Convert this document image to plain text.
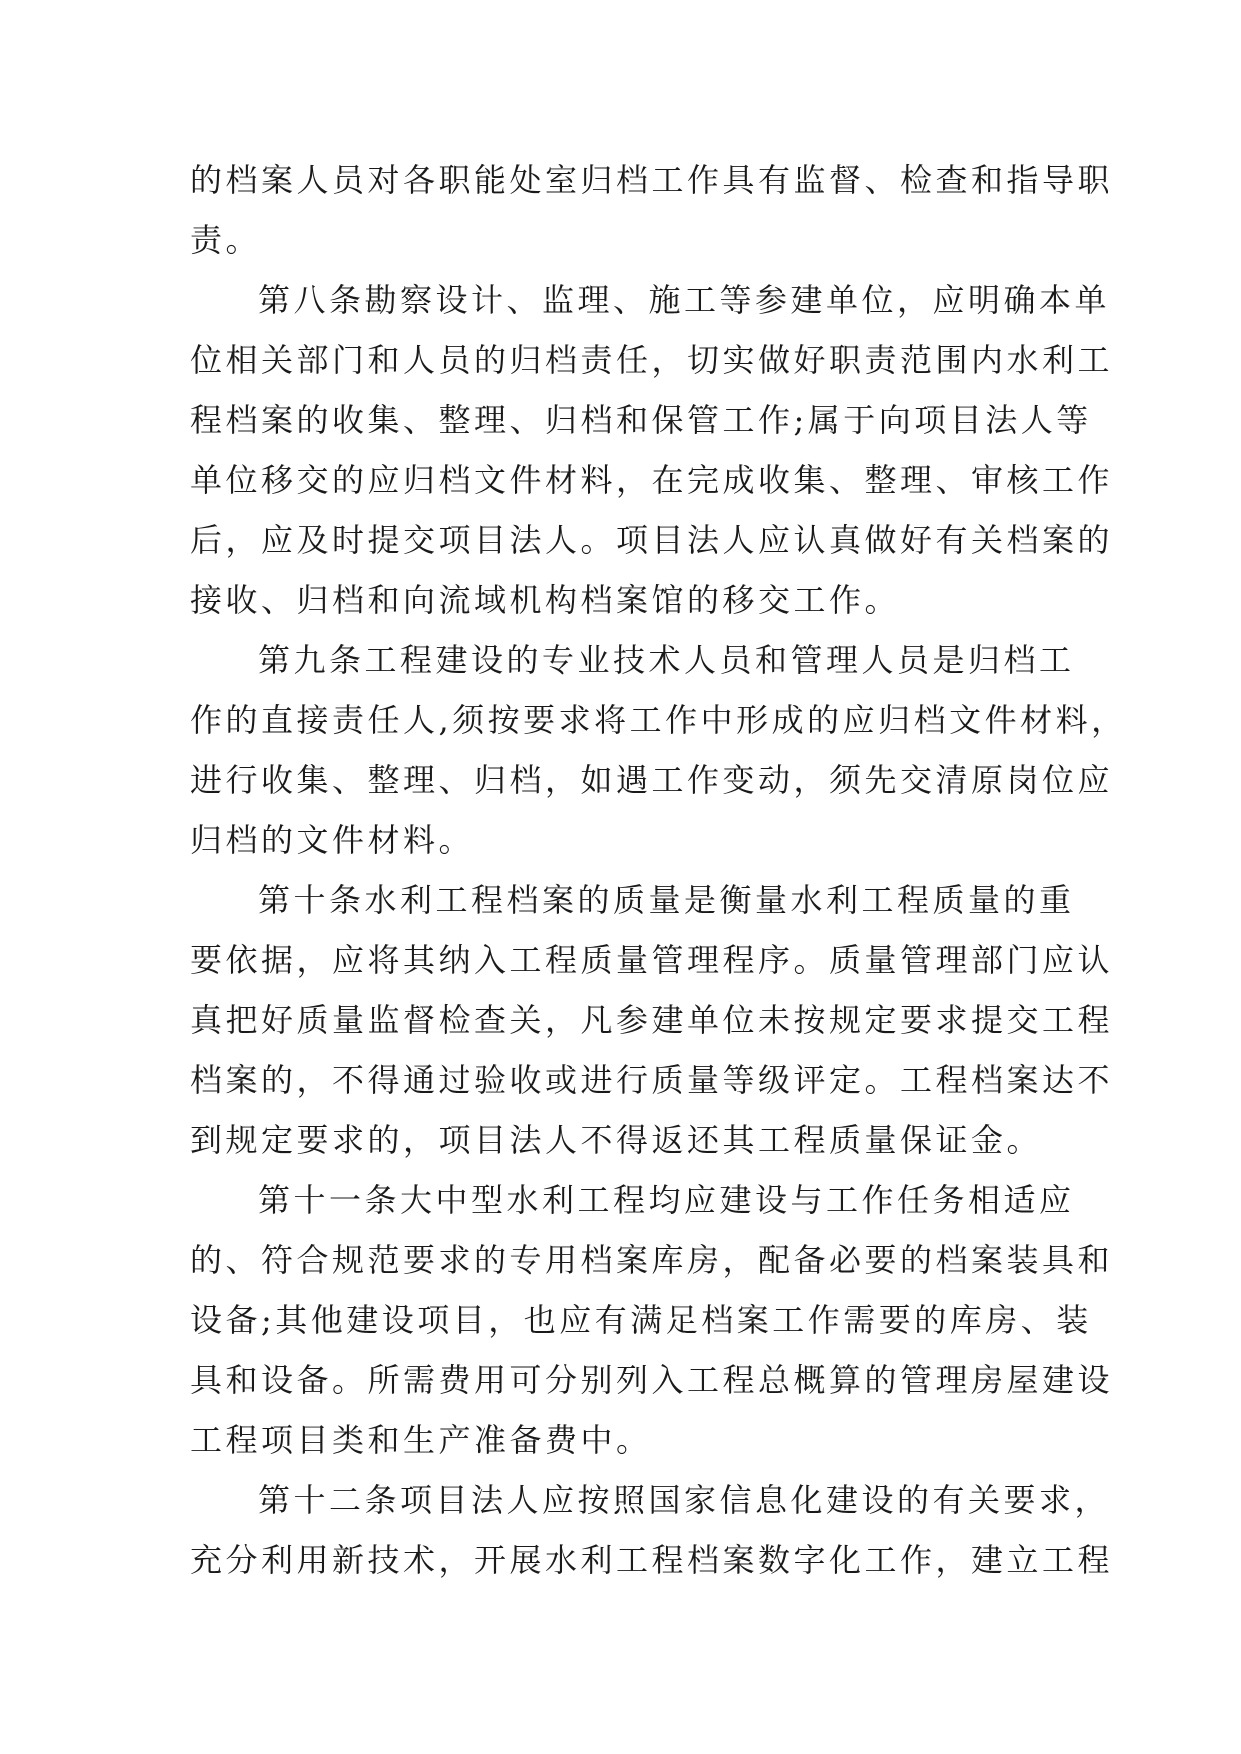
的档案人员对各职能处室归档工作具有监督、检查和指导职
责。
第八条勘察设计、监理、施工等参建单位，应明确本单
位相关部门和人员的归档责任，切实做好职责范围内水利工
程档案的收集、整理、归档和保管工作;属于向项目法人等
单位移交的应归档文件材料，在完成收集、整理、审核工作
后，应及时提交项目法人。项目法人应认真做好有关档案的
接收、归档和向流域机构档案馆的移交工作。
第九条工程建设的专业技术人员和管理人员是归档工
作的直接责任人,须按要求将工作中形成的应归档文件材料，
进行收集、整理、归档，如遇工作变动，须先交清原岗位应
归档的文件材料。
第十条水利工程档案的质量是衡量水利工程质量的重
要依据，应将其纳入工程质量管理程序。质量管理部门应认
真把好质量监督检查关，凡参建单位未按规定要求提交工程
档案的，不得通过验收或进行质量等级评定。工程档案达不
到规定要求的，项目法人不得返还其工程质量保证金。
第十一条大中型水利工程均应建设与工作任务相适应
的、符合规范要求的专用档案库房，配备必要的档案装具和
设备;其他建设项目，也应有满足档案工作需要的库房、装
具和设备。所需费用可分别列入工程总概算的管理房屋建设
工程项目类和生产准备费中。
第十二条项目法人应按照国家信息化建设的有关要求，
充分利用新技术，开展水利工程档案数字化工作，建立工程
